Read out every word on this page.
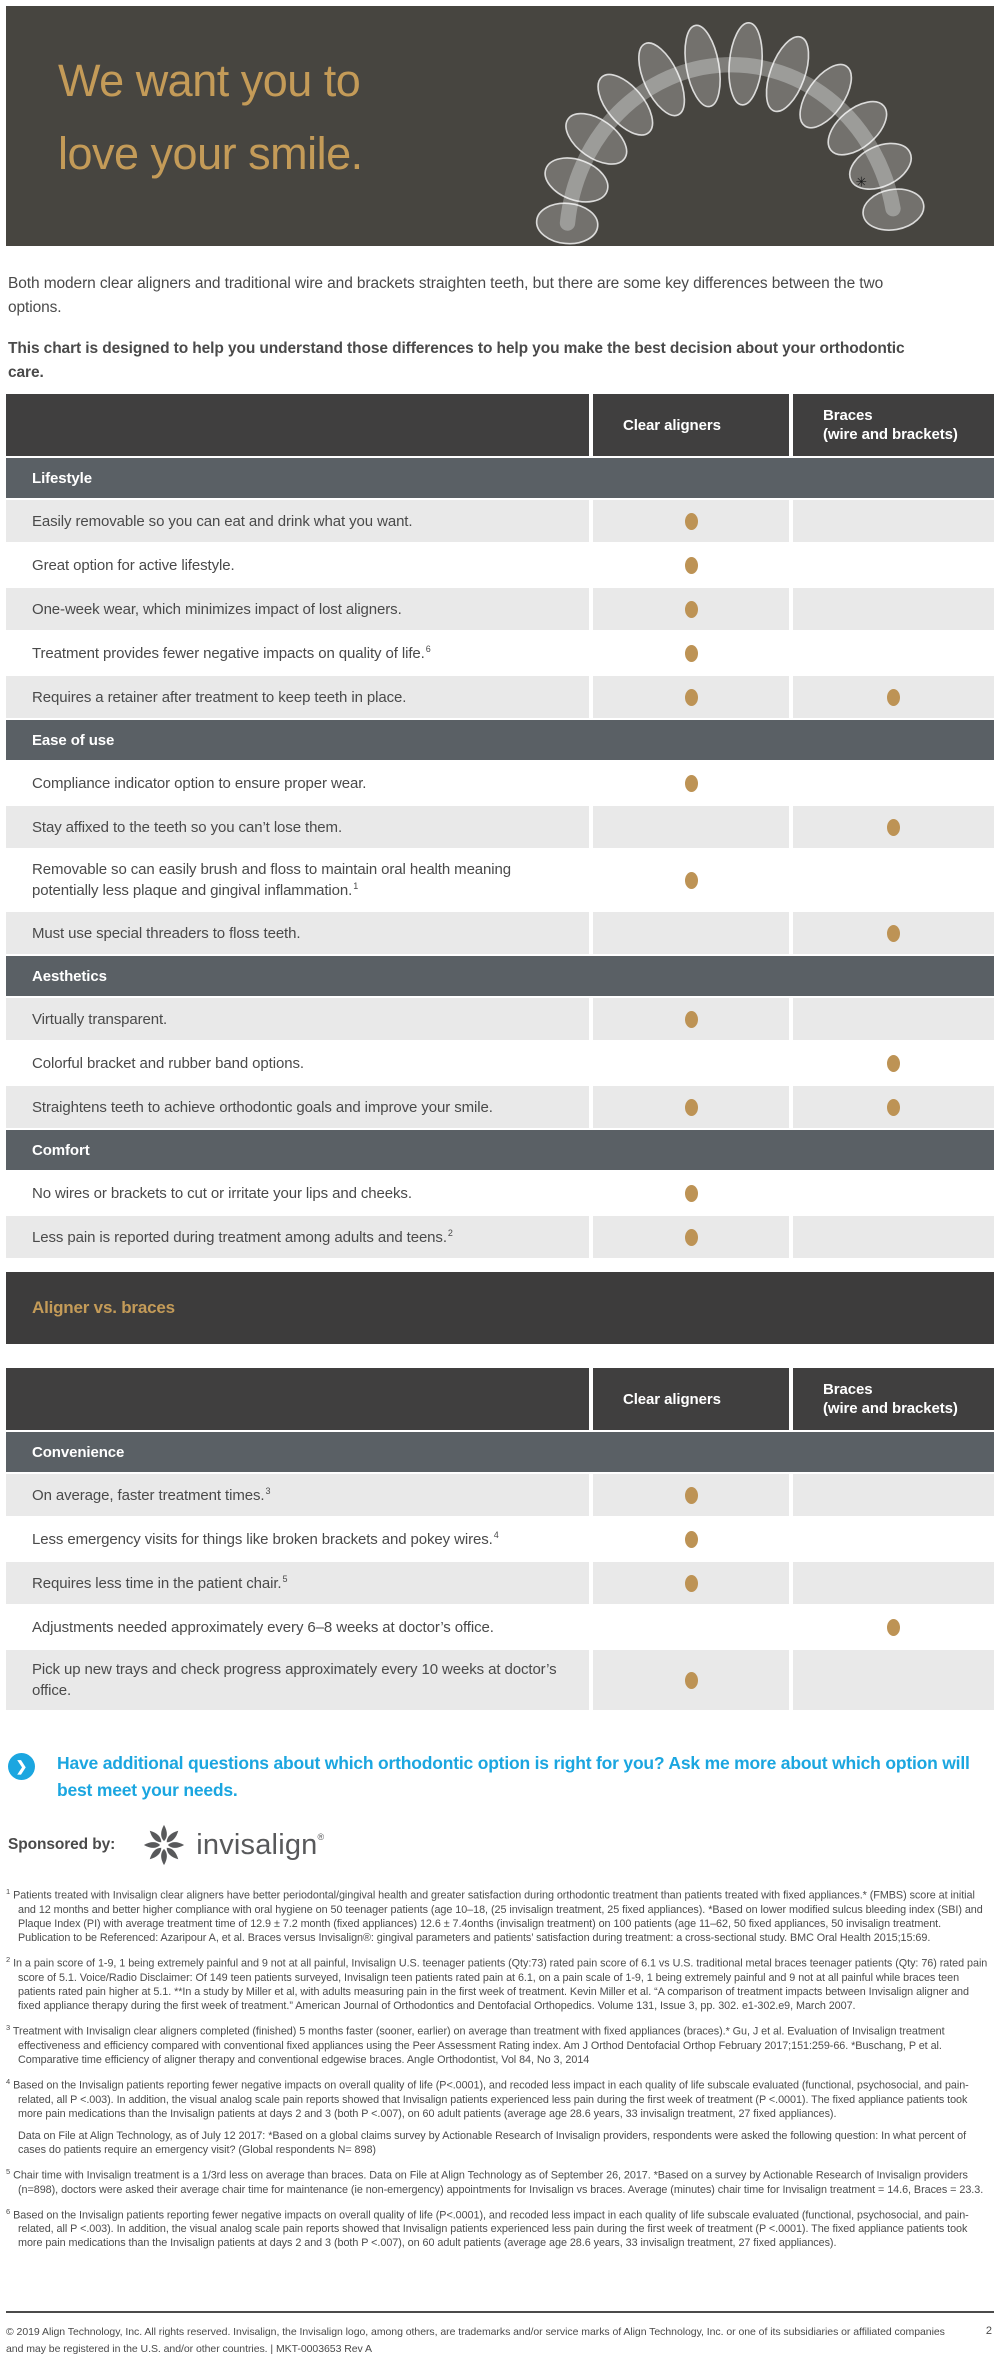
We want you to
love your smile.
✳

Both modern clear aligners and traditional wire and brackets straighten teeth, but there are some key differences between the two options.

This chart is designed to help you understand those differences to help you make the best decision about your orthodontic care.

Clear aligners
Braces
(wire and brackets)
Lifestyle
Easily removable so you can eat and drink what you want.
Great option for active lifestyle.
One-week wear, which minimizes impact of lost aligners.
Treatment provides fewer negative impacts on quality of life.$^6$
Requires a retainer after treatment to keep teeth in place.
Ease of use
Compliance indicator option to ensure proper wear.
Stay affixed to the teeth so you can’t lose them.
Removable so can easily brush and floss to maintain oral health meaning potentially less plaque and gingival inflammation.$^1$
Must use special threaders to floss teeth.
Aesthetics
Virtually transparent.
Colorful bracket and rubber band options.
Straightens teeth to achieve orthodontic goals and improve your smile.
Comfort
No wires or brackets to cut or irritate your lips and cheeks.
Less pain is reported during treatment among adults and teens.$^2$
Aligner vs. braces
Clear aligners
Braces
(wire and brackets)
Convenience
On average, faster treatment times.$^3$
Less emergency visits for things like broken brackets and pokey wires.$^4$
Requires less time in the patient chair.$^5$
Adjustments needed approximately every 6–8 weeks at doctor’s office.
Pick up new trays and check progress approximately every 10 weeks at doctor’s office.
❯	Have additional questions about which orthodontic option is right for you? Ask me more about which option will best meet your needs.

Sponsored by:	invisalign®

$^1$ Patients treated with Invisalign clear aligners have better periodontal/gingival health and greater satisfaction during orthodontic treatment than patients treated with fixed appliances.* (FMBS) score at initial and 12 months and better higher compliance with oral hygiene on 50 teenager patients (age 10–18, (25 invisalign treatment, 25 fixed appliances). *Based on lower modified sulcus bleeding index (SBI) and Plaque Index (PI) with average treatment time of 12.9 ± 7.2 month (fixed appliances) 12.6 ± 7.4onths (invisalign treatment) on 100 patients (age 11–62, 50 fixed appliances, 50 invisalign treatment. Publication to be Referenced: Azaripour A, et al. Braces versus Invisalign®: gingival parameters and patients’ satisfaction during treatment: a cross-sectional study. BMC Oral Health 2015;15:69.

$^2$ In a pain score of 1-9, 1 being extremely painful and 9 not at all painful, Invisalign U.S. teenager patients (Qty:73) rated pain score of 6.1 vs U.S. traditional metal braces teenager patients (Qty: 76) rated pain score of 5.1. Voice/Radio Disclaimer: Of 149 teen patients surveyed, Invisalign teen patients rated pain at 6.1, on a pain scale of 1-9, 1 being extremely painful and 9 not at all painful while braces teen patients rated pain higher at 5.1. **In a study by Miller et al, with adults measuring pain in the first week of treatment. Kevin Miller et al. “A comparison of treatment impacts between Invisalign aligner and fixed appliance therapy during the first week of treatment.” American Journal of Orthodontics and Dentofacial Orthopedics. Volume 131, Issue 3, pp. 302. e1-302.e9, March 2007.

$^3$ Treatment with Invisalign clear aligners completed (finished) 5 months faster (sooner, earlier) on average than treatment with fixed appliances (braces).* Gu, J et al. Evaluation of Invisalign treatment effectiveness and efficiency compared with conventional fixed appliances using the Peer Assessment Rating index. Am J Orthod Dentofacial Orthop February 2017;151:259-66. *Buschang, P et al. Comparative time efficiency of aligner therapy and conventional edgewise braces. Angle Orthodontist, Vol 84, No 3, 2014

$^4$ Based on the Invisalign patients reporting fewer negative impacts on overall quality of life (P<.0001), and recoded less impact in each quality of life subscale evaluated (functional, psychosocial, and pain-related, all P <.003). In addition, the visual analog scale pain reports showed that Invisalign patients experienced less pain during the first week of treatment (P <.0001). The fixed appliance patients took more pain medications than the Invisalign patients at days 2 and 3 (both P <.007), on 60 adult patients (average age 28.6 years, 33 invisalign treatment, 27 fixed appliances).

Data on File at Align Technology, as of July 12 2017: *Based on a global claims survey by Actionable Research of Invisalign providers, respondents were asked the following question: In what percent of cases do patients require an emergency visit? (Global respondents N= 898)

$^5$ Chair time with Invisalign treatment is a 1/3rd less on average than braces. Data on File at Align Technology as of September 26, 2017. *Based on a survey by Actionable Research of Invisalign providers (n=898), doctors were asked their average chair time for maintenance (ie non-emergency) appointments for Invisalign vs braces. Average (minutes) chair time for Invisalign treatment = 14.6, Braces = 23.3.

$^6$ Based on the Invisalign patients reporting fewer negative impacts on overall quality of life (P<.0001), and recoded less impact in each quality of life subscale evaluated (functional, psychosocial, and pain-related, all P <.003). In addition, the visual analog scale pain reports showed that Invisalign patients experienced less pain during the first week of treatment (P <.0001). The fixed appliance patients took more pain medications than the Invisalign patients at days 2 and 3 (both P <.007), on 60 adult patients (average age 28.6 years, 33 invisalign treatment, 27 fixed appliances).

© 2019 Align Technology, Inc. All rights reserved. Invisalign, the Invisalign logo, among others, are trademarks and/or service marks of Align Technology, Inc. or one of its subsidiaries or affiliated companies and may be registered in the U.S. and/or other countries. | MKT-0003653 Rev A

2
